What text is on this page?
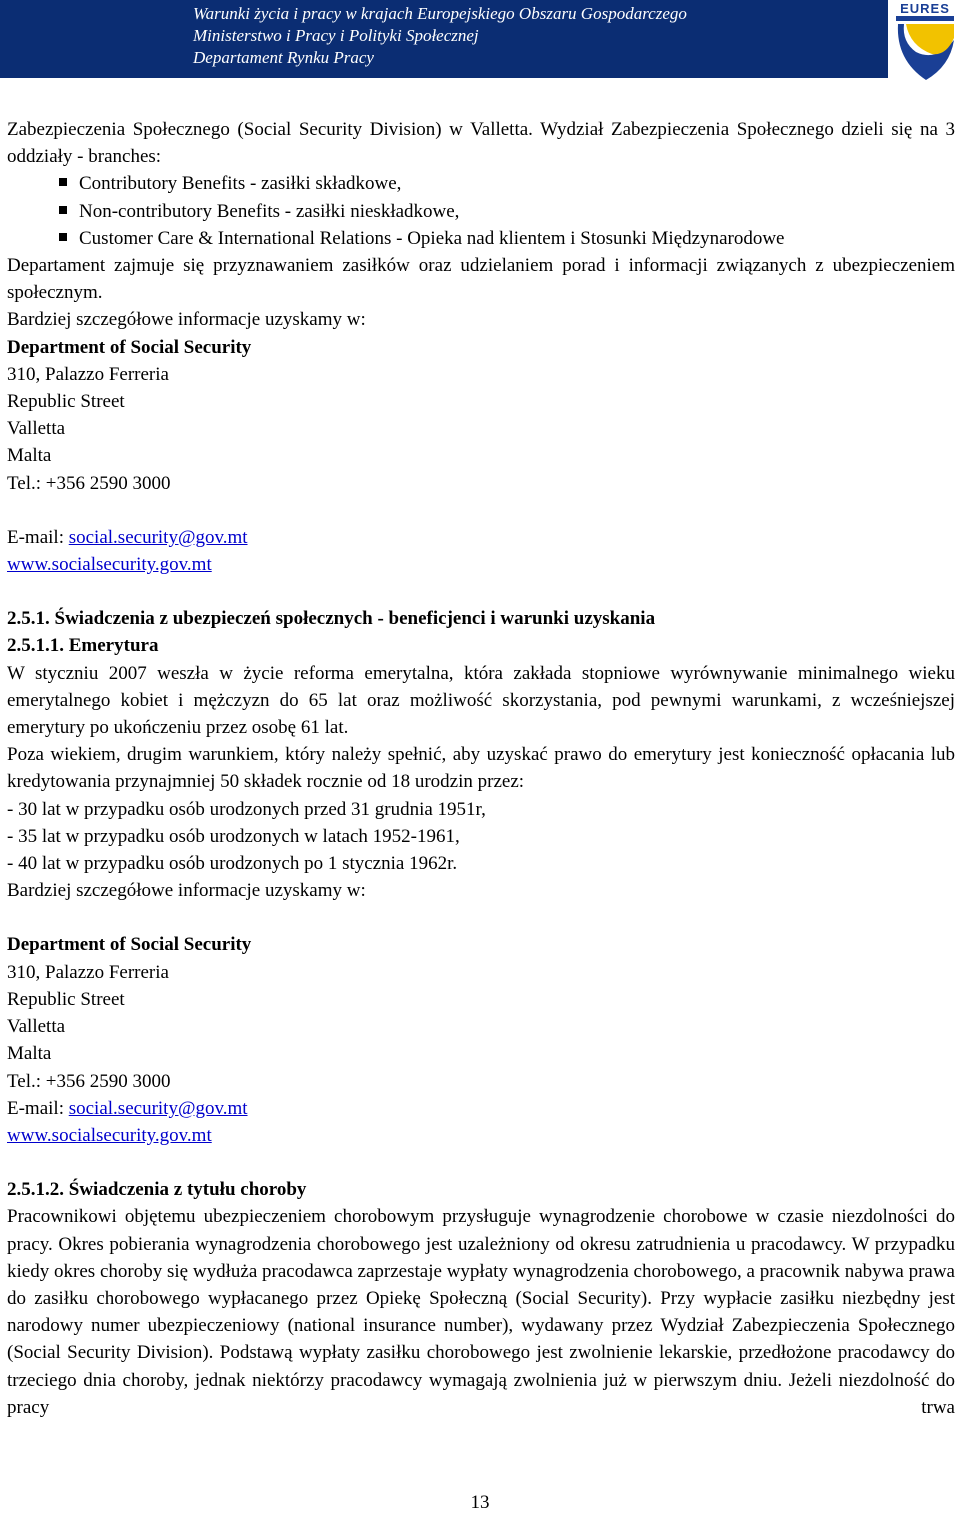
Warunki życia i pracy w krajach Europejskiego Obszaru Gospodarczego
Ministerstwo i Pracy i Polityki Społecznej
Departament Rynku Pracy
EURES

Zabezpieczenia Społecznego (Social Security Division) w Valletta. Wydział Zabezpieczenia Społecznego dzieli się na 3 oddziały - branches:

Contributory Benefits - zasiłki składkowe,
Non-contributory Benefits - zasiłki nieskładkowe,
Customer Care & International Relations - Opieka nad klientem i Stosunki Międzynarodowe

Departament zajmuje się przyznawaniem zasiłków oraz udzielaniem porad i informacji związanych z ubezpieczeniem społecznym.

Bardziej szczegółowe informacje uzyskamy w:

Department of Social Security

310, Palazzo Ferreria

Republic Street

Valletta

Malta

Tel.: +356 2590 3000

E-mail: social.security@gov.mt

www.socialsecurity.gov.mt

2.5.1. Świadczenia z ubezpieczeń społecznych - beneficjenci i warunki uzyskania

2.5.1.1. Emerytura

W styczniu 2007 weszła w życie reforma emerytalna, która zakłada stopniowe wyrównywanie minimalnego wieku emerytalnego kobiet i mężczyzn do 65 lat oraz możliwość skorzystania, pod pewnymi warunkami, z wcześniejszej emerytury po ukończeniu przez osobę 61 lat.

Poza wiekiem, drugim warunkiem, który należy spełnić, aby uzyskać prawo do emerytury jest konieczność opłacania lub kredytowania przynajmniej 50 składek rocznie od 18 urodzin przez:

- 30 lat w przypadku osób urodzonych przed 31 grudnia 1951r,

- 35 lat w przypadku osób urodzonych w latach 1952-1961,

- 40 lat w przypadku osób urodzonych po 1 stycznia 1962r.

Bardziej szczegółowe informacje uzyskamy w:

Department of Social Security

310, Palazzo Ferreria

Republic Street

Valletta

Malta

Tel.: +356 2590 3000

E-mail: social.security@gov.mt

www.socialsecurity.gov.mt

2.5.1.2. Świadczenia z tytułu choroby

Pracownikowi objętemu ubezpieczeniem chorobowym przysługuje wynagrodzenie chorobowe w czasie niezdolności do pracy. Okres pobierania wynagrodzenia chorobowego jest uzależniony od okresu zatrudnienia u pracodawcy. W przypadku kiedy okres choroby się wydłuża pracodawca zaprzestaje wypłaty wynagrodzenia chorobowego, a pracownik nabywa prawa do zasiłku chorobowego wypłacanego przez Opiekę Społeczną (Social Security). Przy wypłacie zasiłku niezbędny jest narodowy numer ubezpieczeniowy (national insurance number), wydawany przez Wydział Zabezpieczenia Społecznego (Social Security Division). Podstawą wypłaty zasiłku chorobowego jest zwolnienie lekarskie, przedłożone pracodawcy do trzeciego dnia choroby, jednak niektórzy pracodawcy wymagają zwolnienia już w pierwszym dniu. Jeżeli niezdolność do pracy trwa

13
